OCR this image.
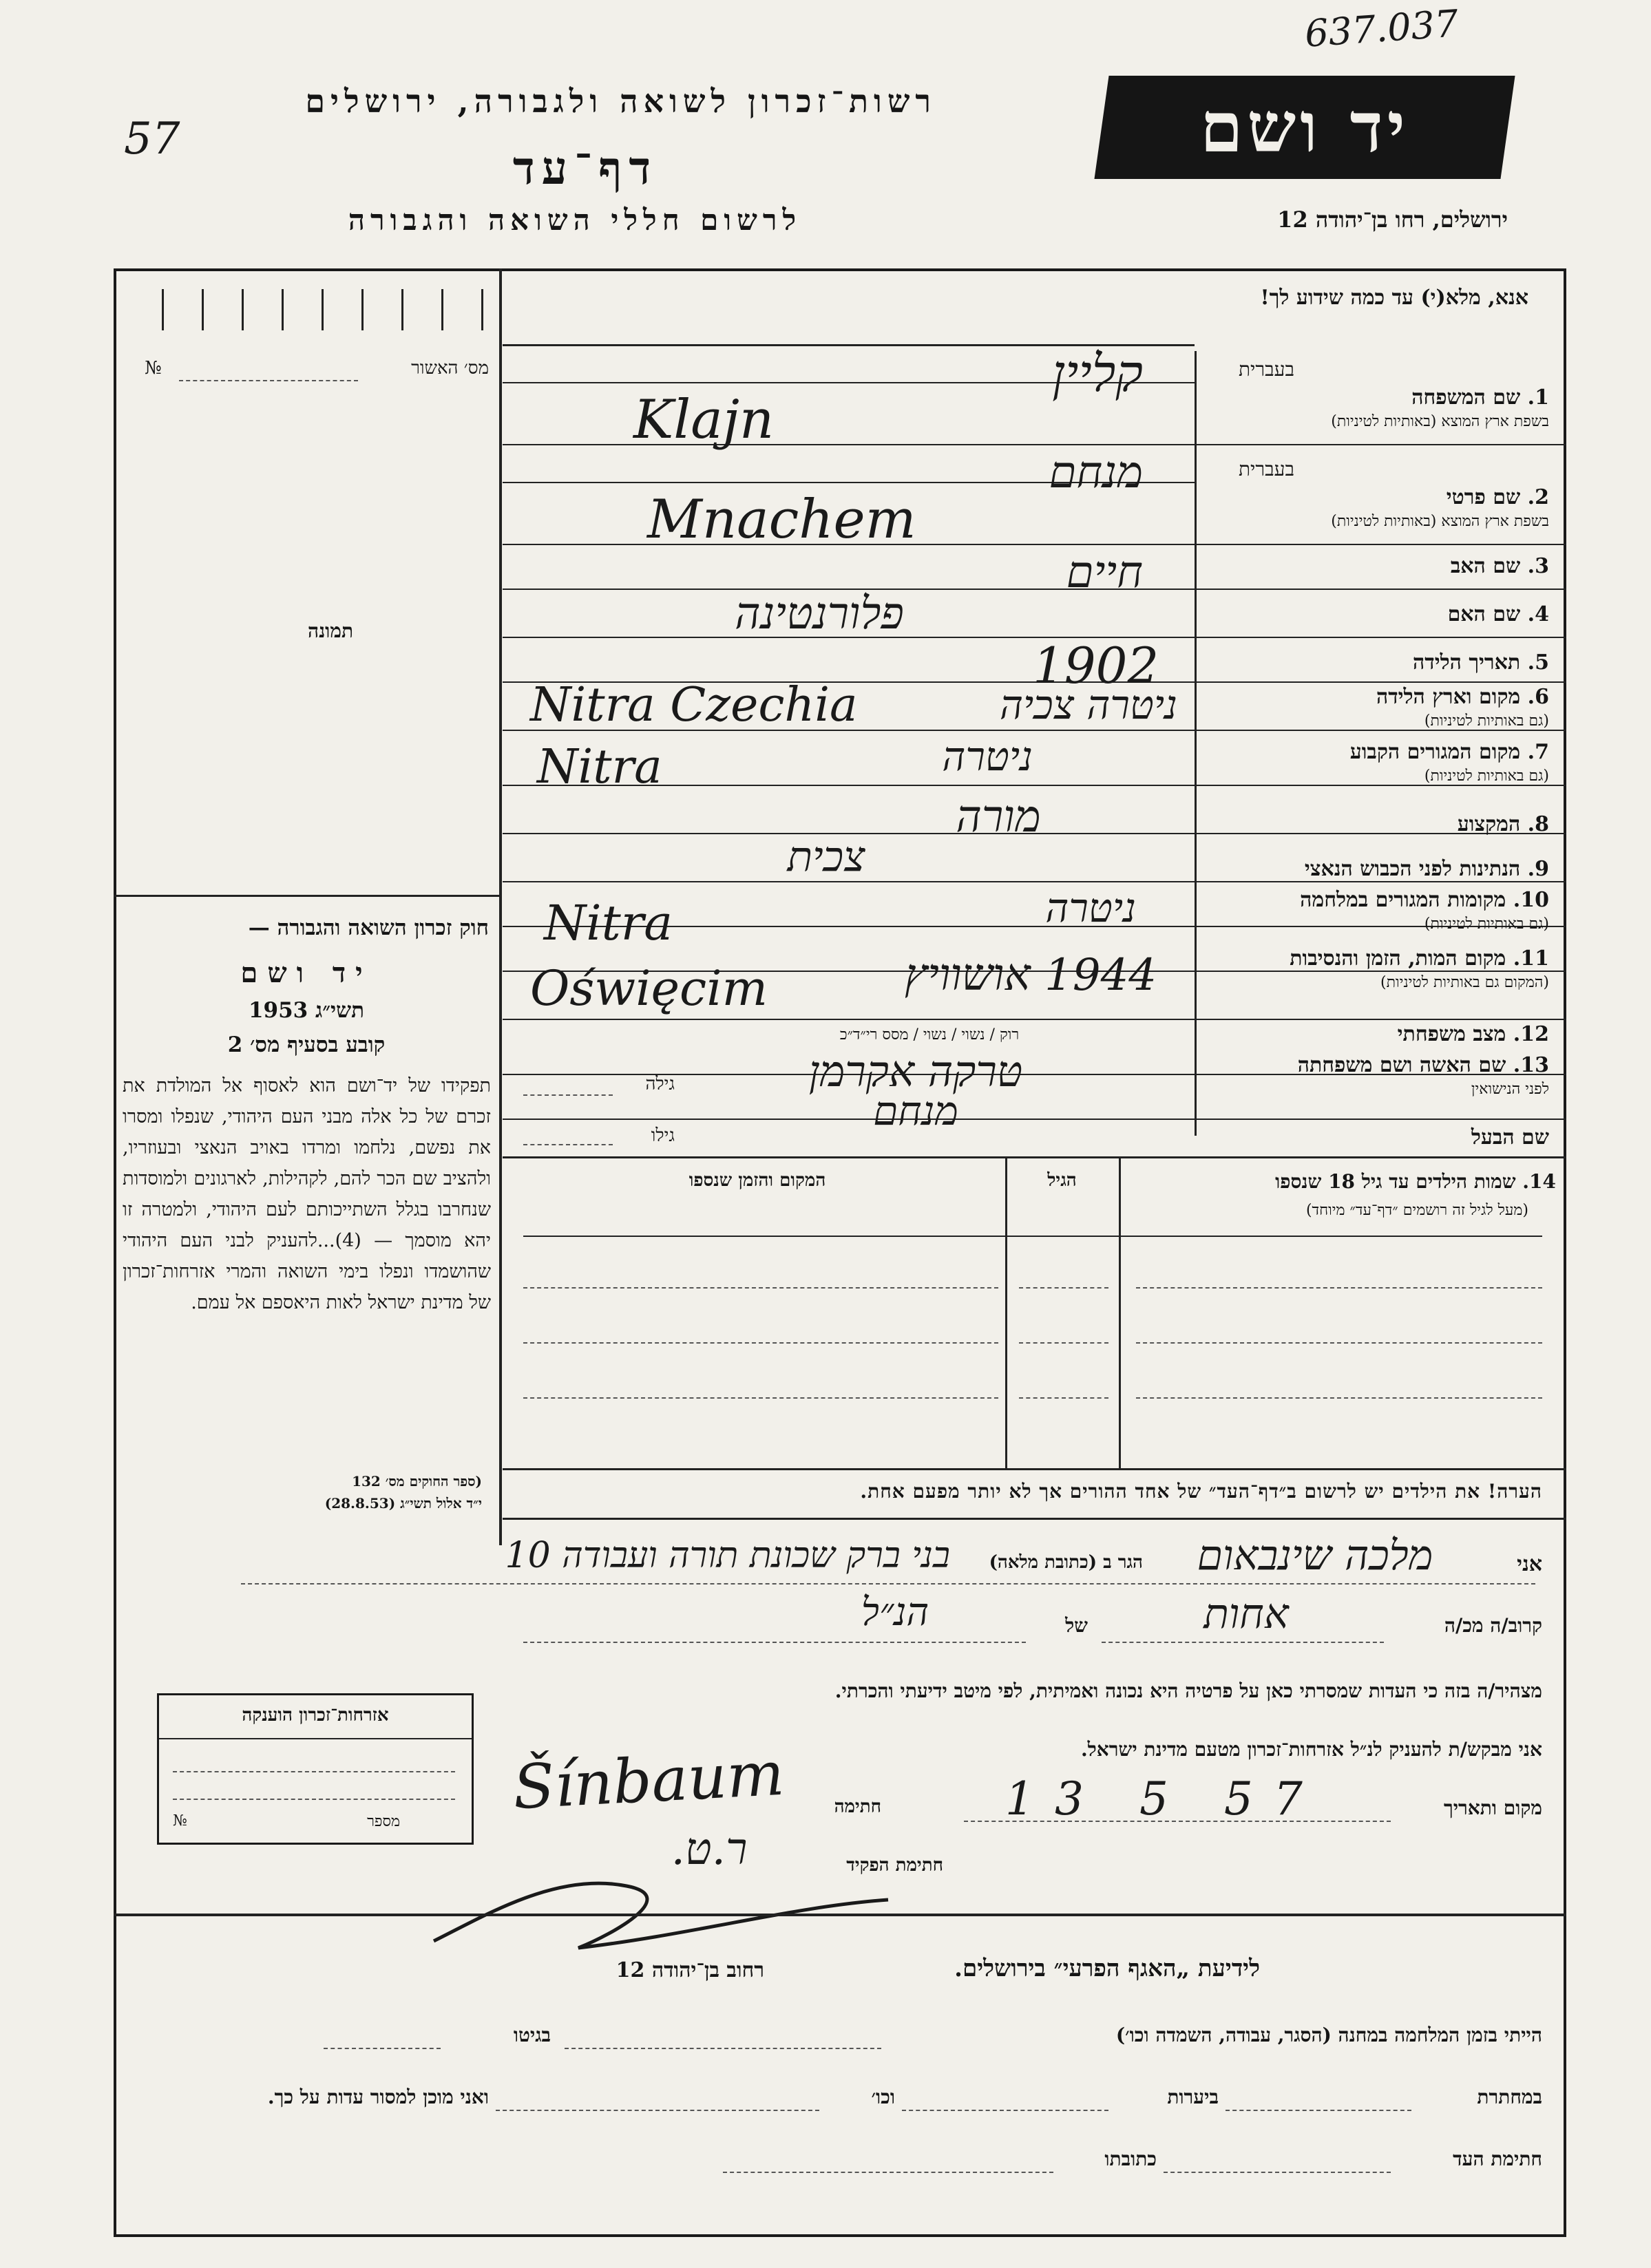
637.037
57
רשות־זכרון לשואה ולגבורה, ירושלים
דף־עד
לרשום חללי השואה והגבורה
יד ושם
ירושלים, רחו בן־יהודה 12
אנא, מלא(י) עד כמה שידוע לך!
מס׳ האשור
№
תמונה
חוק זכרון השואה והגבורה —
יד ושם
תשי״ג 1953
קובע בסעיף מס׳ 2
תפקידו של יד־ושם הוא לאסוף אל המולדת את זכרם של כל אלה מבני העם היהודי, שנפלו ומסרו את נפשם, נלחמו ומרדו באויב הנאצי ובעוזריו, ולהציב שם הכר להם, לקהילות, לארגונים ולמוסדות שנחרבו בגלל השתייכותם לעם היהודי, ולמטרה זו יהא מוסמך — (4)...להעניק לבני העם היהודי שהושמדו ונפלו בימי השואה והמרי אזרחות־זכרון של מדינת ישראל לאות היאספם אל עמם.
(ספר החוקים מס׳ 132
י״ד אלול תשי״ג (28.8.53)
בעברית
1. שם המשפחה
בשפת ארץ המוצא (באותיות לטיניות)
בעברית
2. שם פרטי
בשפת ארץ המוצא (באותיות לטיניות)
3. שם האב
4. שם האם
5. תאריך הלידה
6. מקום וארץ הלידה
(גם באותיות לטיניות)
7. מקום המגורים הקבוע
(גם באותיות לטיניות)
8. המקצוע
9. הנתינות לפני הכבוש הנאצי
10. מקומות המגורים במלחמה
(גם באותיות לטיניות)
11. מקום המות, הזמן והנסיבות
(המקום גם באותיות לטיניות)
12. מצב משפחתי
13. שם האשה ושם משפחתה
לפני הנישואין
שם הבעל
קליין
Klajn
מנחם
Mnachem
חיים
פלורנטינה
1902
ניטרה צכיה
Nitra Czechia
ניטרה
Nitra
מורה
צכית
ניטרה
Nitra
1944 אושוויץ
Oświęcim
רוק / נשוי / נשוי / מסס רי״ד״כ
טרקה אקרמן
גילה
מנחם
גילו
14. שמות הילדים עד גיל 18 שנספו
(מעל לגיל זה רושמים ״דף־עד״ מיוחד)
הגיל
המקום והזמן שנספו
הערה! את הילדים יש לרשום ב״דף־העד״ של אחד ההורים אך לא יותר מפעם אחת.
אני
מלכה שינבאום
הגר ב (כתובת מלאה)
בני ברק שכונת תורה ועבודה 10
קרוב/ה מכ/ה
אחות
של
הנ״ל
מצהיר/ה בזה כי העדות שמסרתי כאן על פרטיה היא נכונה ואמיתית, לפי מיטב ידיעתי והכרתי.
אני מבקש/ת להעניק לנ״ל אזרחות־זכרון מטעם מדינת ישראל.
אזרחות־זכרון הוענקה
מספר
№
מקום ותאריך
13 5 57
חתימה
Šínbaum
חתימת הפקיד
ר.ט.
לידיעת „האגף הפרעי״ בירושלים.
רחוב בן־יהודה 12
הייתי בזמן המלחמה במחנה (הסגר, עבודה, השמדה וכו׳)
בגיטו
במחתרת
ביערות
וכו׳
ואני מוכן למסור עדות על כך.
חתימת העד
כתובתו
